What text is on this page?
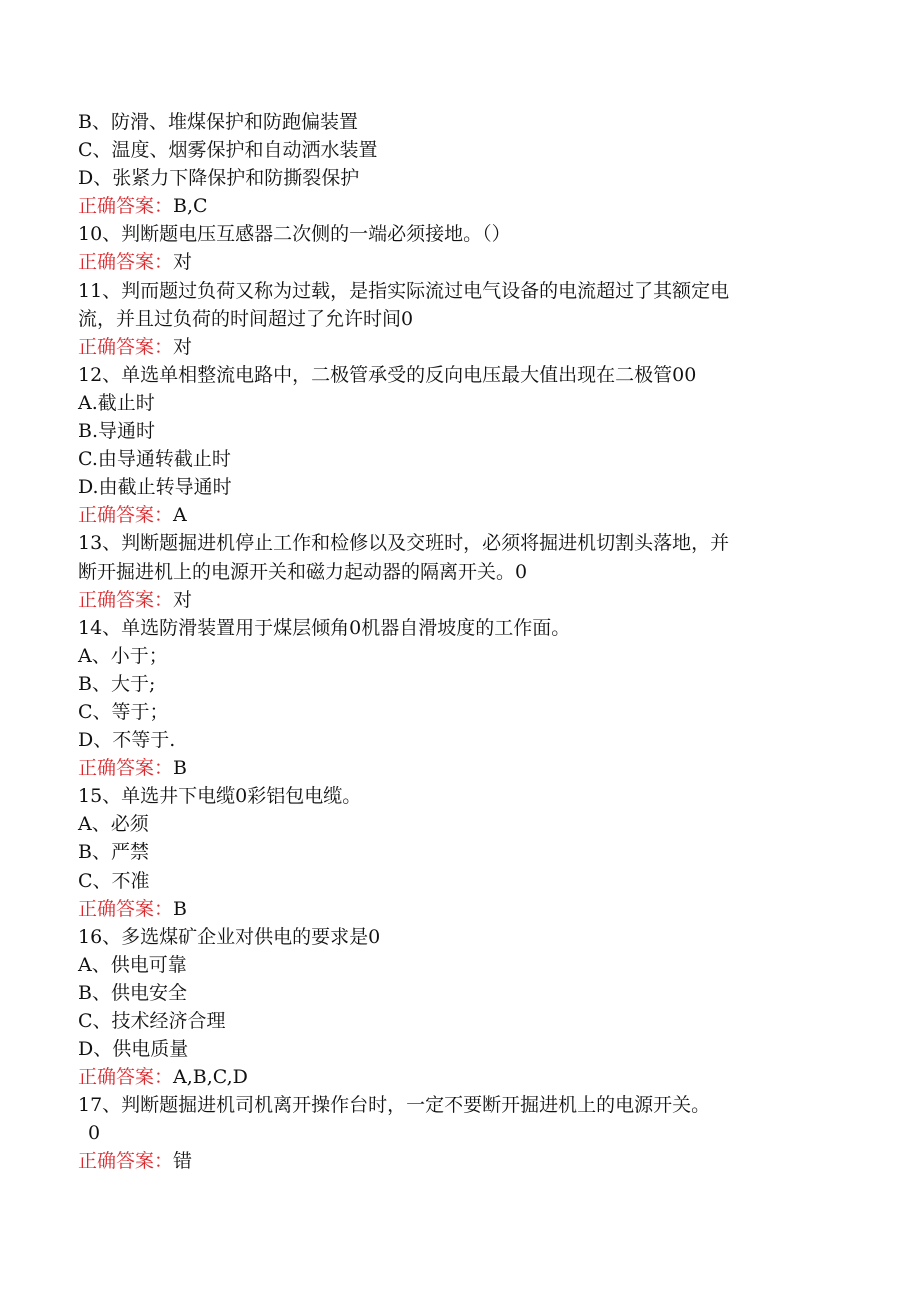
B、防滑、堆煤保护和防跑偏装置
C、温度、烟雾保护和自动洒水装置
D、张紧力下降保护和防撕裂保护
正确答案：B,C
10、判断题电压互感器二次侧的一端必须接地。（）
正确答案：对
11、判而题过负荷又称为过载，是指实际流过电气设备的电流超过了其额定电
流，并且过负荷的时间超过了允许时间0
正确答案：对
12、单选单相整流电路中，二极管承受的反向电压最大值出现在二极管00
A.截止时
B.导通时
C.由导通转截止时
D.由截止转导通时
正确答案：A
13、判断题掘进机停止工作和检修以及交班时，必须将掘进机切割头落地，并
断开掘进机上的电源开关和磁力起动器的隔离开关。0
正确答案：对
14、单选防滑装置用于煤层倾角0机器自滑坡度的工作面。
A、小于；
B、大于;
C、等于；
D、不等于.
正确答案：B
15、单选井下电缆0彩铝包电缆。
A、必须
B、严禁
C、不准
正确答案：B
16、多选煤矿企业对供电的要求是0
A、供电可靠
B、供电安全
C、技术经济合理
D、供电质量
正确答案：A,B,C,D
17、判断题掘进机司机离开操作台时，一定不要断开掘进机上的电源开关。
0
正确答案：错
